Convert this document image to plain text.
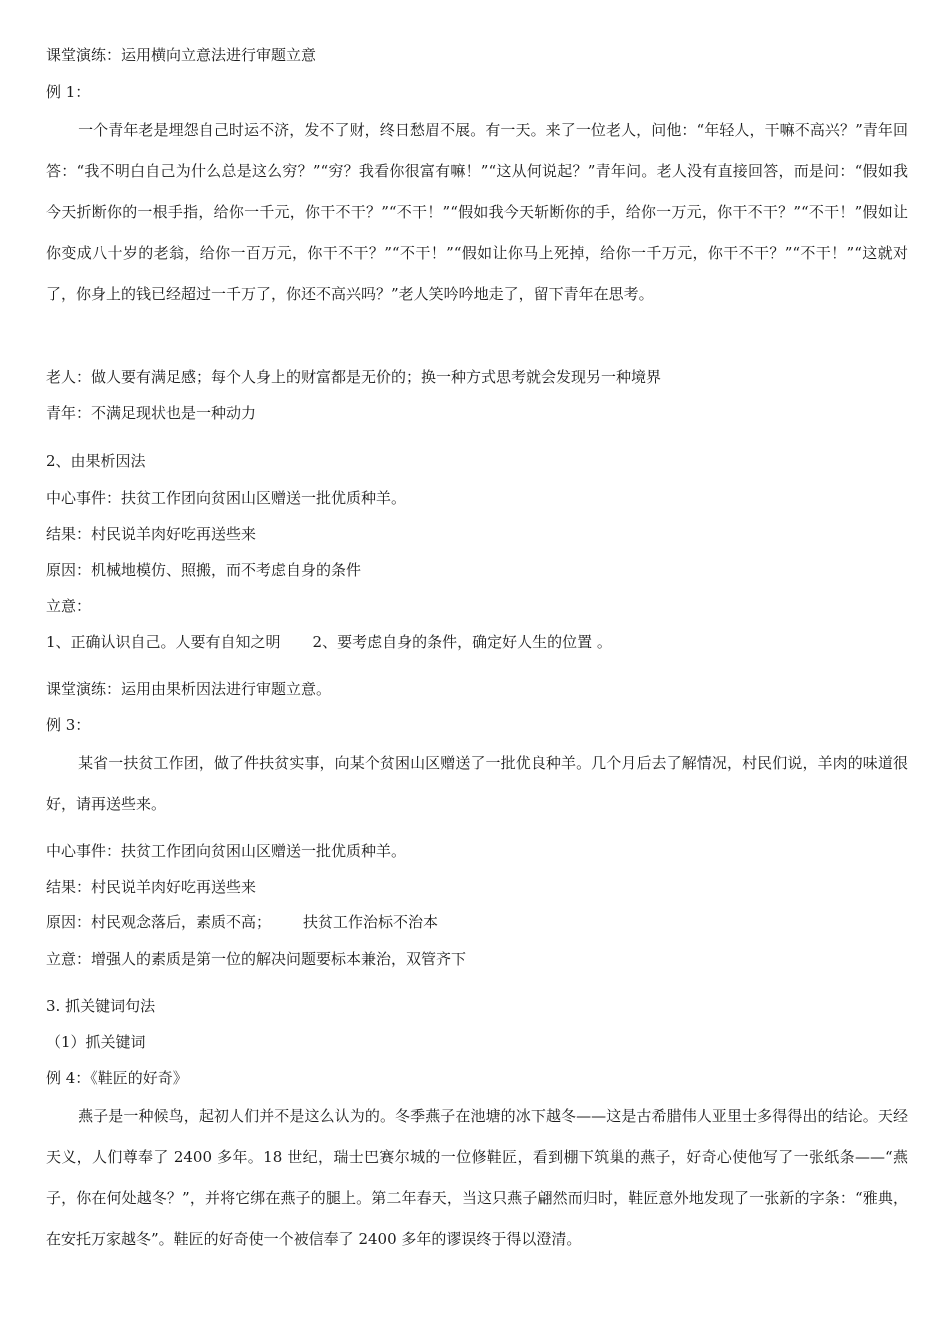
课堂演练：运用横向立意法进行审题立意
例 1：
一个青年老是埋怨自己时运不济，发不了财，终日愁眉不展。有一天。来了一位老人，问他：“年轻人，干嘛不高兴？”青年回答：“我不明白自己为什么总是这么穷？”“穷？我看你很富有嘛！”“这从何说起？”青年问。老人没有直接回答，而是问：“假如我今天折断你的一根手指，给你一千元，你干不干？”“不干！”“假如我今天斩断你的手，给你一万元，你干不干？”“不干！”假如让你变成八十岁的老翁，给你一百万元，你干不干？”“不干！”“假如让你马上死掉，给你一千万元，你干不干？”“不干！”“这就对了，你身上的钱已经超过一千万了，你还不高兴吗？”老人笑吟吟地走了，留下青年在思考。
老人：做人要有满足感；每个人身上的财富都是无价的；换一种方式思考就会发现另一种境界
青年：不满足现状也是一种动力
2、由果析因法
中心事件：扶贫工作团向贫困山区赠送一批优质种羊。
结果：村民说羊肉好吃再送些来
原因：机械地模仿、照搬，而不考虑自身的条件
立意：
1、正确认识自己。人要有自知之明 2、要考虑自身的条件，确定好人生的位置 。
课堂演练：运用由果析因法进行审题立意。
例 3：
某省一扶贫工作团，做了件扶贫实事，向某个贫困山区赠送了一批优良种羊。几个月后去了解情况，村民们说，羊肉的味道很好，请再送些来。
中心事件：扶贫工作团向贫困山区赠送一批优质种羊。
结果：村民说羊肉好吃再送些来
原因：村民观念落后，素质不高； 扶贫工作治标不治本
立意：增强人的素质是第一位的解决问题要标本兼治，双管齐下
3. 抓关键词句法
（1）抓关键词
例 4：《鞋匠的好奇》
燕子是一种候鸟，起初人们并不是这么认为的。冬季燕子在池塘的冰下越冬——这是古希腊伟人亚里士多得得出的结论。天经天义，人们尊奉了 2400 多年。18 世纪，瑞士巴赛尔城的一位修鞋匠，看到棚下筑巢的燕子，好奇心使他写了一张纸条——“燕子，你在何处越冬？”，并将它绑在燕子的腿上。第二年春天，当这只燕子翩然而归时，鞋匠意外地发现了一张新的字条：“雅典，在安托万家越冬”。鞋匠的好奇使一个被信奉了 2400 多年的谬误终于得以澄清。
